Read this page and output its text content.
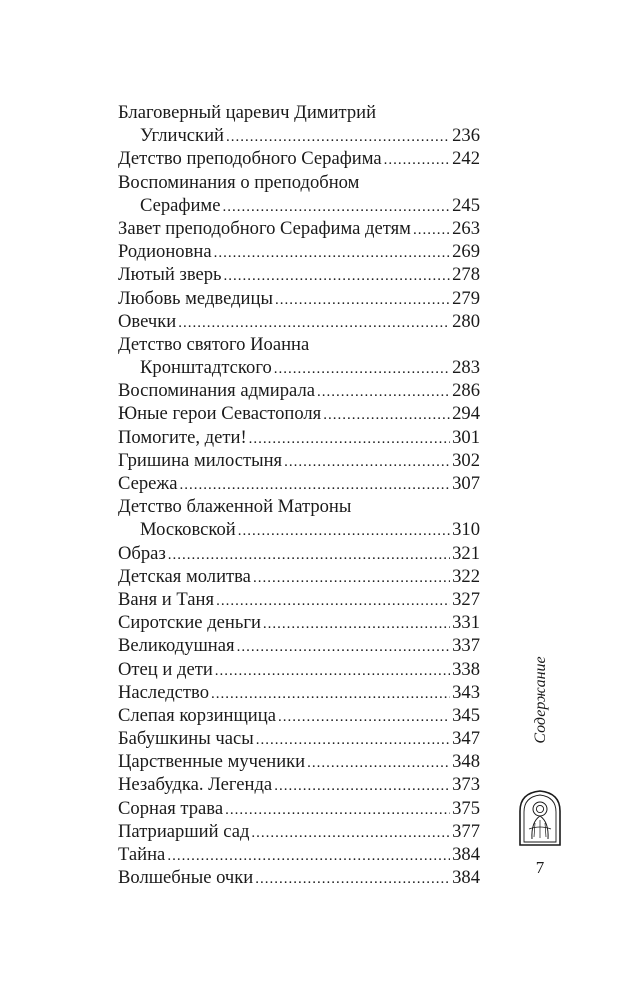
Благоверный царевич Димитрий
Угличский .....	236
Детство преподобного Серафима .....	242
Воспоминания о преподобном
Серафиме .....	245
Завет преподобного Серафима детям ..... 263
Родионовна .....	269
Лютый зверь .....	278
Любовь медведицы .....	279
Овечки .....	280
Детство святого Иоанна
Кронштадтского .....	283
Воспоминания адмирала .....	286
Юные герои Севастополя .....	294
Помогите, дети! .....	301
Гришина милостыня .....	302
Сережа .....	307
Детство блаженной Матроны
Московской .....	310
Образ .....	321
Детская молитва .....	322
Ваня и Таня .....	327
Сиротские деньги .....	331
Великодушная .....	337
Отец и дети .....	338
Наследство .....	343
Слепая корзинщица .....	345
Бабушкины часы .....	347
Царственные мученики .....	348
Незабудка. Легенда .....	373
Сорная трава .....	375
Патриарший сад .....	377
Тайна .....	384
Волшебные очки .....	384
Содержание
7
